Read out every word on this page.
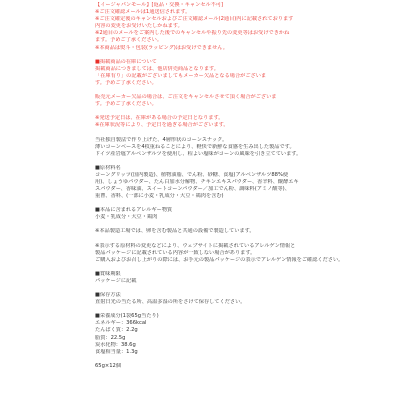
【イージャパンモール】[返品・交換・キャンセル不可]
※ご注文確認メールは1通送信されます。
※ご注文確定後のキャンセルおよびご注文確認メール(2通目)内に記載されております
内容の変更をお受けいたしかねます。
※2通目のメールをご案内した後でのキャンセルや振り先の変更等はお受けできかね
ます。予めご了承ください。
※本商品は熨斗・包装(ラッピング)はお受けできません。
■掲載商品の在庫について
掲載商品につきましては、他店併売商品となります。
「在庫有り」の記載がございましてもメーカー欠品となる場合がございま
す。予めご了承ください。

販売元メーカー欠品の場合は、ご注文をキャンセルさせて頂く場合がございま
す。予めご了承ください。
※発送予定日は、在庫がある場合の予定日となります。
※在庫状況等により、予定日を過ぎる場合がございます。
当社独自製法で作り上げた、4層形状のコーンスナック。
薄いコーンベースを4枚重ねることにより、軽快で新鮮な食感を生み出した製品です。
ドイツ産岩塩アルペンザルツを使用し、程よい塩味がコーンの風味を引き立てています。
■原材料名
コーングリッツ(国内製造)、植物油脂、でん粉、砂糖、食塩(アルペンザルツ88%使
用)、しょうゆパウダー、たん白加水分解物、チキンエキスパウダー、香辛料、醗酵エキ
スパウダー、香味油、スイートコーンパウダー／加工でん粉、調味料(アミノ酸等)、
重曹、香料、(一部に小麦・乳成分・大豆・鶏肉を含む)
■本品に含まれるアレルギー物質
小麦・乳成分・大豆・鶏肉
※本品製造工場では、卵を含む製品と共通の設備で製造しています。

※表示する原材料の変更などにより、ウェブサイトに掲載されているアレルゲン情報と
製品パッケージに記載されている内容が一致しない場合があります。
ご購入およびお召し上がりの際には、お手元の製品パッケージの表示でアレルゲン情報をご確認ください。
■賞味期限
パッケージに記載
■保存方法
直射日光の当たる所、高温多湿の所をさけて保存してください。
■栄養成分(1袋65g当たり)
エネルギー：366kcal
たんぱく質：2.2g
脂質：22.5g
炭水化物：38.6g
食塩相当量：1.3g
65g×12個
